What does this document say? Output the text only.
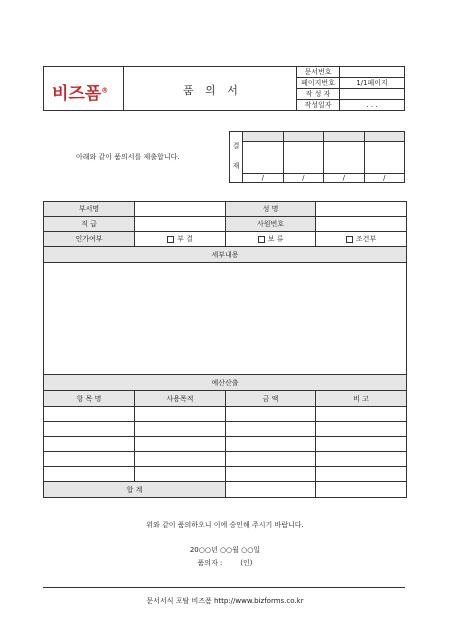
비즈폼®	품 의 서
문서번호	
페이지번호	1/1페이지
작 성 자	
작성일자	. . .
아래와 같이 품의서를 제출합니다.
결

재				

	/	/	/	/
부서명		성 명	
직 급		사원번호	
인가여부	부 결	보 류	조건부
세부내용			

예산산출			
항 목 명	사용목적	금 액	비 고

합 계			
위와 같이 품의하오니 이에 승인해 주시기 바랍니다.
20○○년 ○○월 ○○일
품의자 :        (인)
문서서식 포탈 비즈폼 http://www.bizforms.co.kr
